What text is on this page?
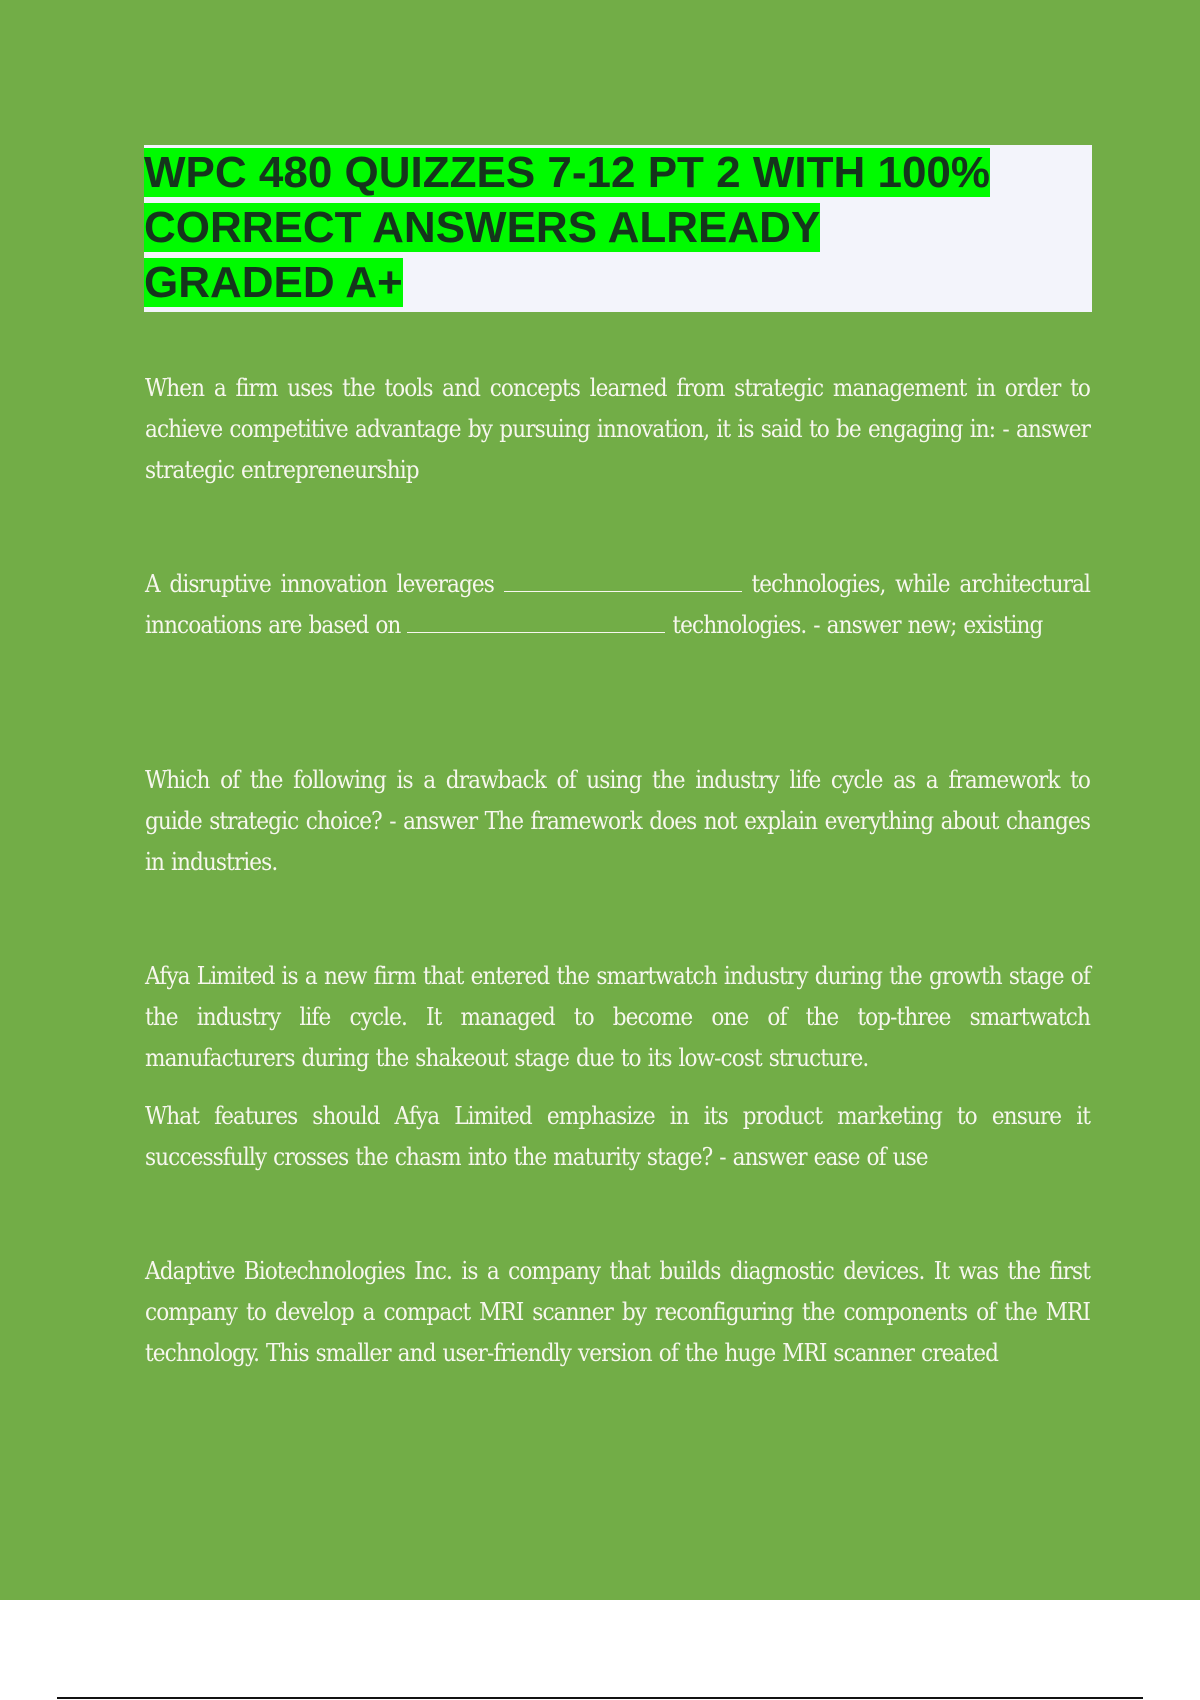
WPC 480 QUIZZES 7-12 PT 2 WITH 100%
CORRECT ANSWERS ALREADY
GRADED A+

When a firm uses the tools and concepts learned from strategic management in order to achieve competitive advantage by pursuing innovation, it is said to be engaging in: - answer strategic entrepreneurship

A disruptive innovation leverages	technologies, while architectural inncoations are based on	technologies. - answer new; existing

Which of the following is a drawback of using the industry life cycle as a framework to guide strategic choice? - answer The framework does not explain everything about changes in industries.

Afya Limited is a new firm that entered the smartwatch industry during the growth stage of the industry life cycle. It managed to become one of the top-three smartwatch manufacturers during the shakeout stage due to its low-cost structure.

What features should Afya Limited emphasize in its product marketing to ensure it successfully crosses the chasm into the maturity stage? - answer ease of use

Adaptive Biotechnologies Inc. is a company that builds diagnostic devices. It was the first company to develop a compact MRI scanner by reconfiguring the components of the MRI technology. This smaller and user-friendly version of the huge MRI scanner created
